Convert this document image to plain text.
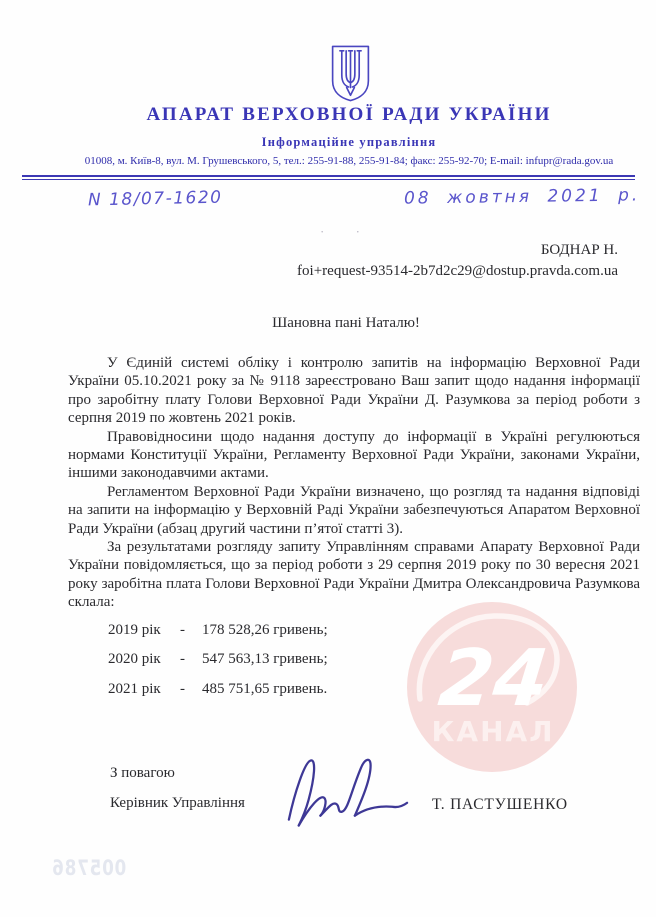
24
КАНАЛ
АПАРАТ ВЕРХОВНОЇ РАДИ УКРАЇНИ
Інформаційне управління
01008, м. Київ-8, вул. М. Грушевського, 5, тел.: 255-91-88, 255-91-84; факс: 255-92-70; E-mail: infupr@rada.gov.ua
N 18/07-1620	08 жовтня 2021 р.
· ·
БОДНАР Н.
foi+request-93514-2b7d2c29@dostup.pravda.com.ua
Шановна пані Наталю!

У Єдиній системі обліку і контролю запитів на інформацію Верховної Ради України 05.10.2021 року за № 9118 зареєстровано Ваш запит щодо надання інформації про заробітну плату Голови Верховної Ради України Д. Разумкова за період роботи з серпня 2019 по жовтень 2021 років.

Правовідносини щодо надання доступу до інформації в Україні регулюються нормами Конституції України, Регламенту Верховної Ради України, законами України, іншими законодавчими актами.

Регламентом Верховної Ради України визначено, що розгляд та надання відповіді на запити на інформацію у Верховній Раді України забезпечуються Апаратом Верховної Ради України (абзац другий частини п’ятої статті 3).

За результатами розгляду запиту Управлінням справами Апарату Верховної Ради України повідомляється, що за період роботи з 29 серпня 2019 року по 30 вересня 2021 року заробітна плата Голови Верховної Ради України Дмитра Олександровича Разумкова склала:

2019 рік	-	178 528,26 гривень;
2020 рік	-	547 563,13 гривень;
2021 рік	-	485 751,65 гривень.
З повагою
Керівник Управління	Т. ПАСТУШЕНКО
005786
